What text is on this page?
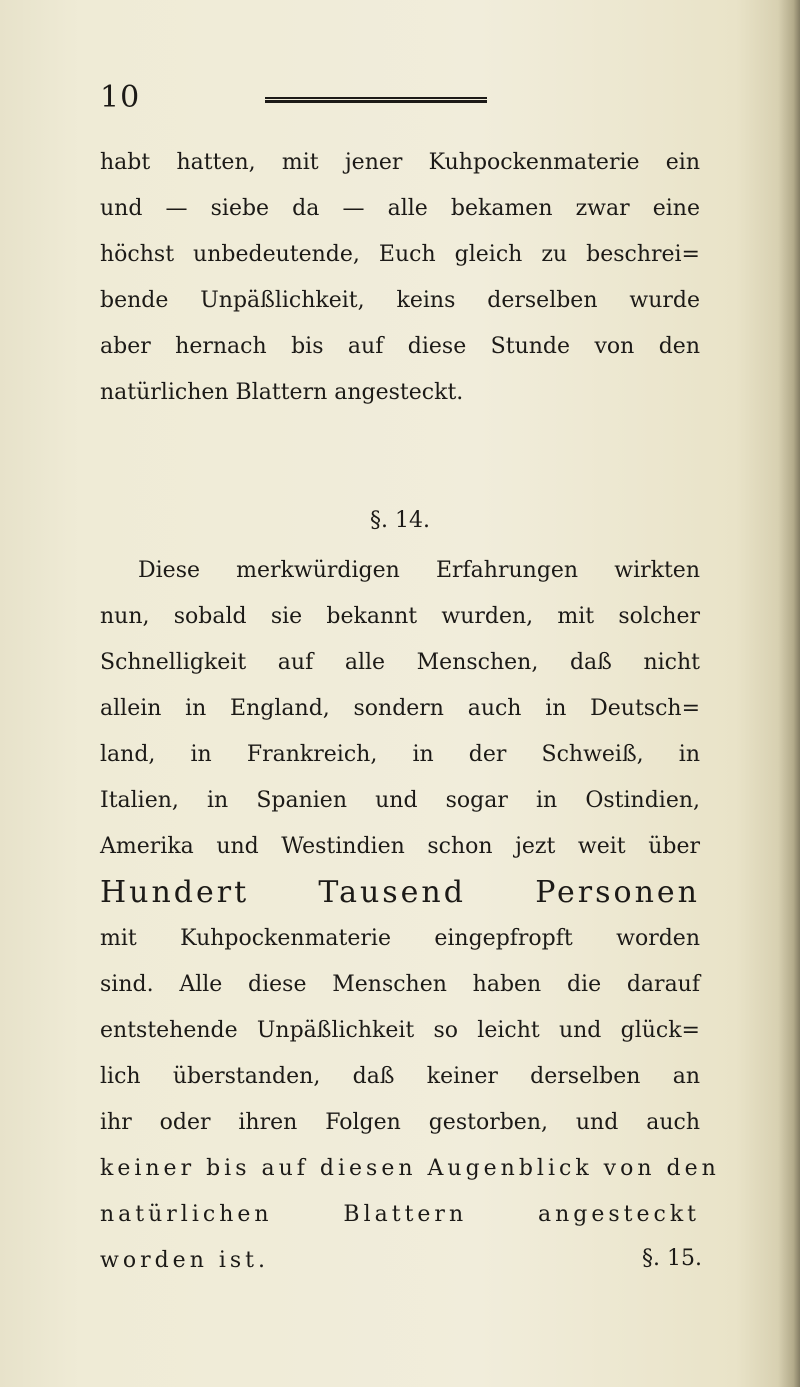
10
habt hatten, mit jener Kuhpockenmaterie ein
und — siebe da — alle bekamen zwar eine
höchst unbedeutende, Euch gleich zu beschrei=
bende Unpäßlichkeit, keins derselben wurde
aber hernach bis auf diese Stunde von den
natürlichen Blattern angesteckt.
§. 14.
Diese merkwürdigen Erfahrungen wirkten
nun, sobald sie bekannt wurden, mit solcher
Schnelligkeit auf alle Menschen, daß nicht
allein in England, sondern auch in Deutsch=
land, in Frankreich, in der Schweiß, in
Italien, in Spanien und sogar in Ostindien,
Amerika und Westindien schon jezt weit über
Hundert Tausend Personen
mit Kuhpockenmaterie eingepfropft worden
sind. Alle diese Menschen haben die darauf
entstehende Unpäßlichkeit so leicht und glück=
lich überstanden, daß keiner derselben an
ihr oder ihren Folgen gestorben, und auch
keiner bis auf diesen Augenblick von den
natürlichen Blattern angesteckt
worden ist.	§. 15.
